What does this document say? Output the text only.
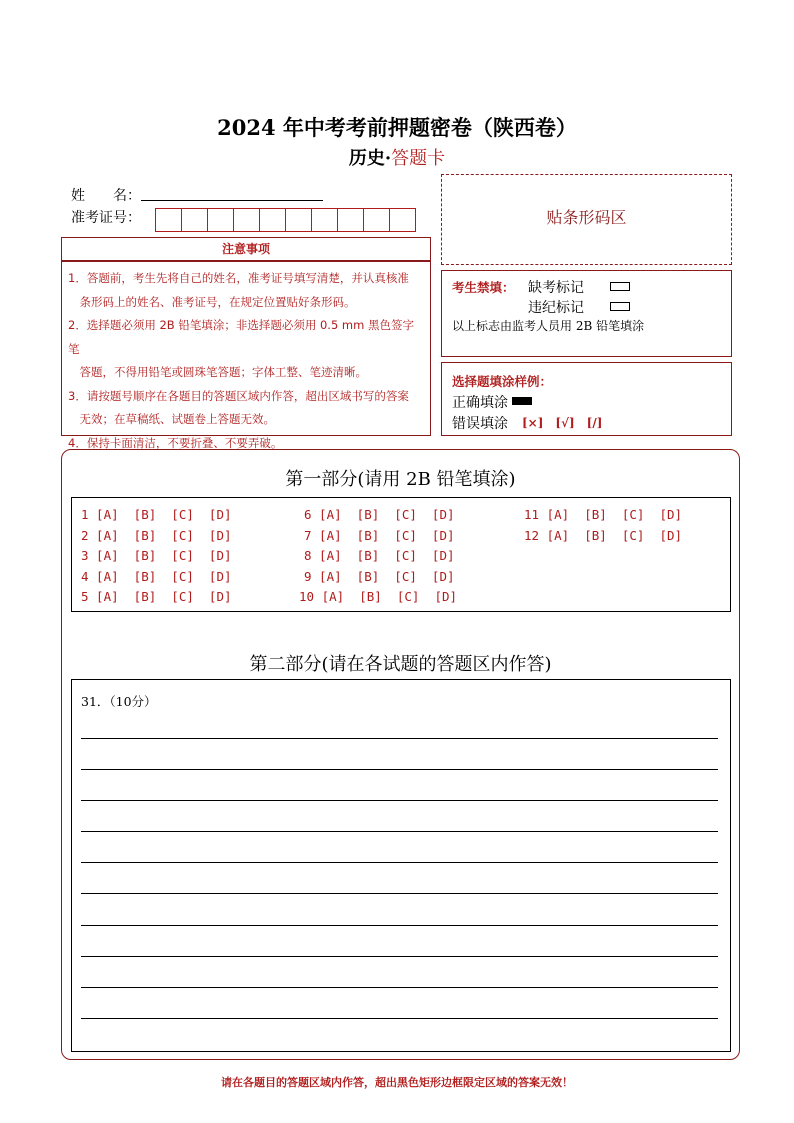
2024 年中考考前押题密卷（陕西卷）
历史·答题卡
姓　　名：
准考证号：
注意事项
1．答题前，考生先将自己的姓名，准考证号填写清楚，并认真核准
　条形码上的姓名、准考证号，在规定位置贴好条形码。
2．选择题必须用 2B 铅笔填涂；非选择题必须用 0.5 mm 黑色签字笔
　答题，不得用铅笔或圆珠笔答题；字体工整、笔迹清晰。
3．请按题号顺序在各题目的答题区域内作答，超出区域书写的答案
　无效；在草稿纸、试题卷上答题无效。
4．保持卡面清洁，不要折叠、不要弄破。
贴条形码区
考生禁填： 缺考标记
违纪标记
以上标志由监考人员用 2B 铅笔填涂
选择题填涂样例：
正确填涂
错误填涂 [×]　[√]　[/]
第一部分(请用 2B 铅笔填涂)
1 [A]  [B]  [C]  [D]
2 [A]  [B]  [C]  [D]
3 [A]  [B]  [C]  [D]
4 [A]  [B]  [C]  [D]
5 [A]  [B]  [C]  [D]
6 [A]  [B]  [C]  [D]
7 [A]  [B]  [C]  [D]
8 [A]  [B]  [C]  [D]
9 [A]  [B]  [C]  [D]
10 [A]  [B]  [C]  [D]
11 [A]  [B]  [C]  [D]
12 [A]  [B]  [C]  [D]
第二部分(请在各试题的答题区内作答)
31．（10分）
请在各题目的答题区域内作答，超出黑色矩形边框限定区域的答案无效！
